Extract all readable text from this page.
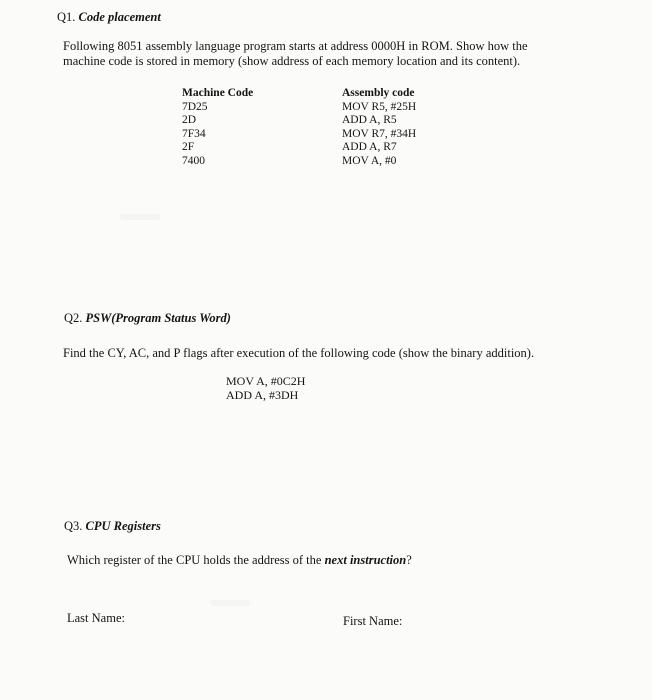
Q1. Code placement
Following 8051 assembly language program starts at address 0000H in ROM. Show how the
machine code is stored in memory (show address of each memory location and its content).
Machine Code
7D25
2D
7F34
2F
7400
Assembly code
MOV R5, #25H
ADD A, R5
MOV R7, #34H
ADD A, R7
MOV A, #0
Q2. PSW(Program Status Word)
Find the CY, AC, and P flags after execution of the following code (show the binary addition).
MOV A, #0C2H
ADD A, #3DH
Q3. CPU Registers
Which register of the CPU holds the address of the next instruction?
Last Name:	First Name:
